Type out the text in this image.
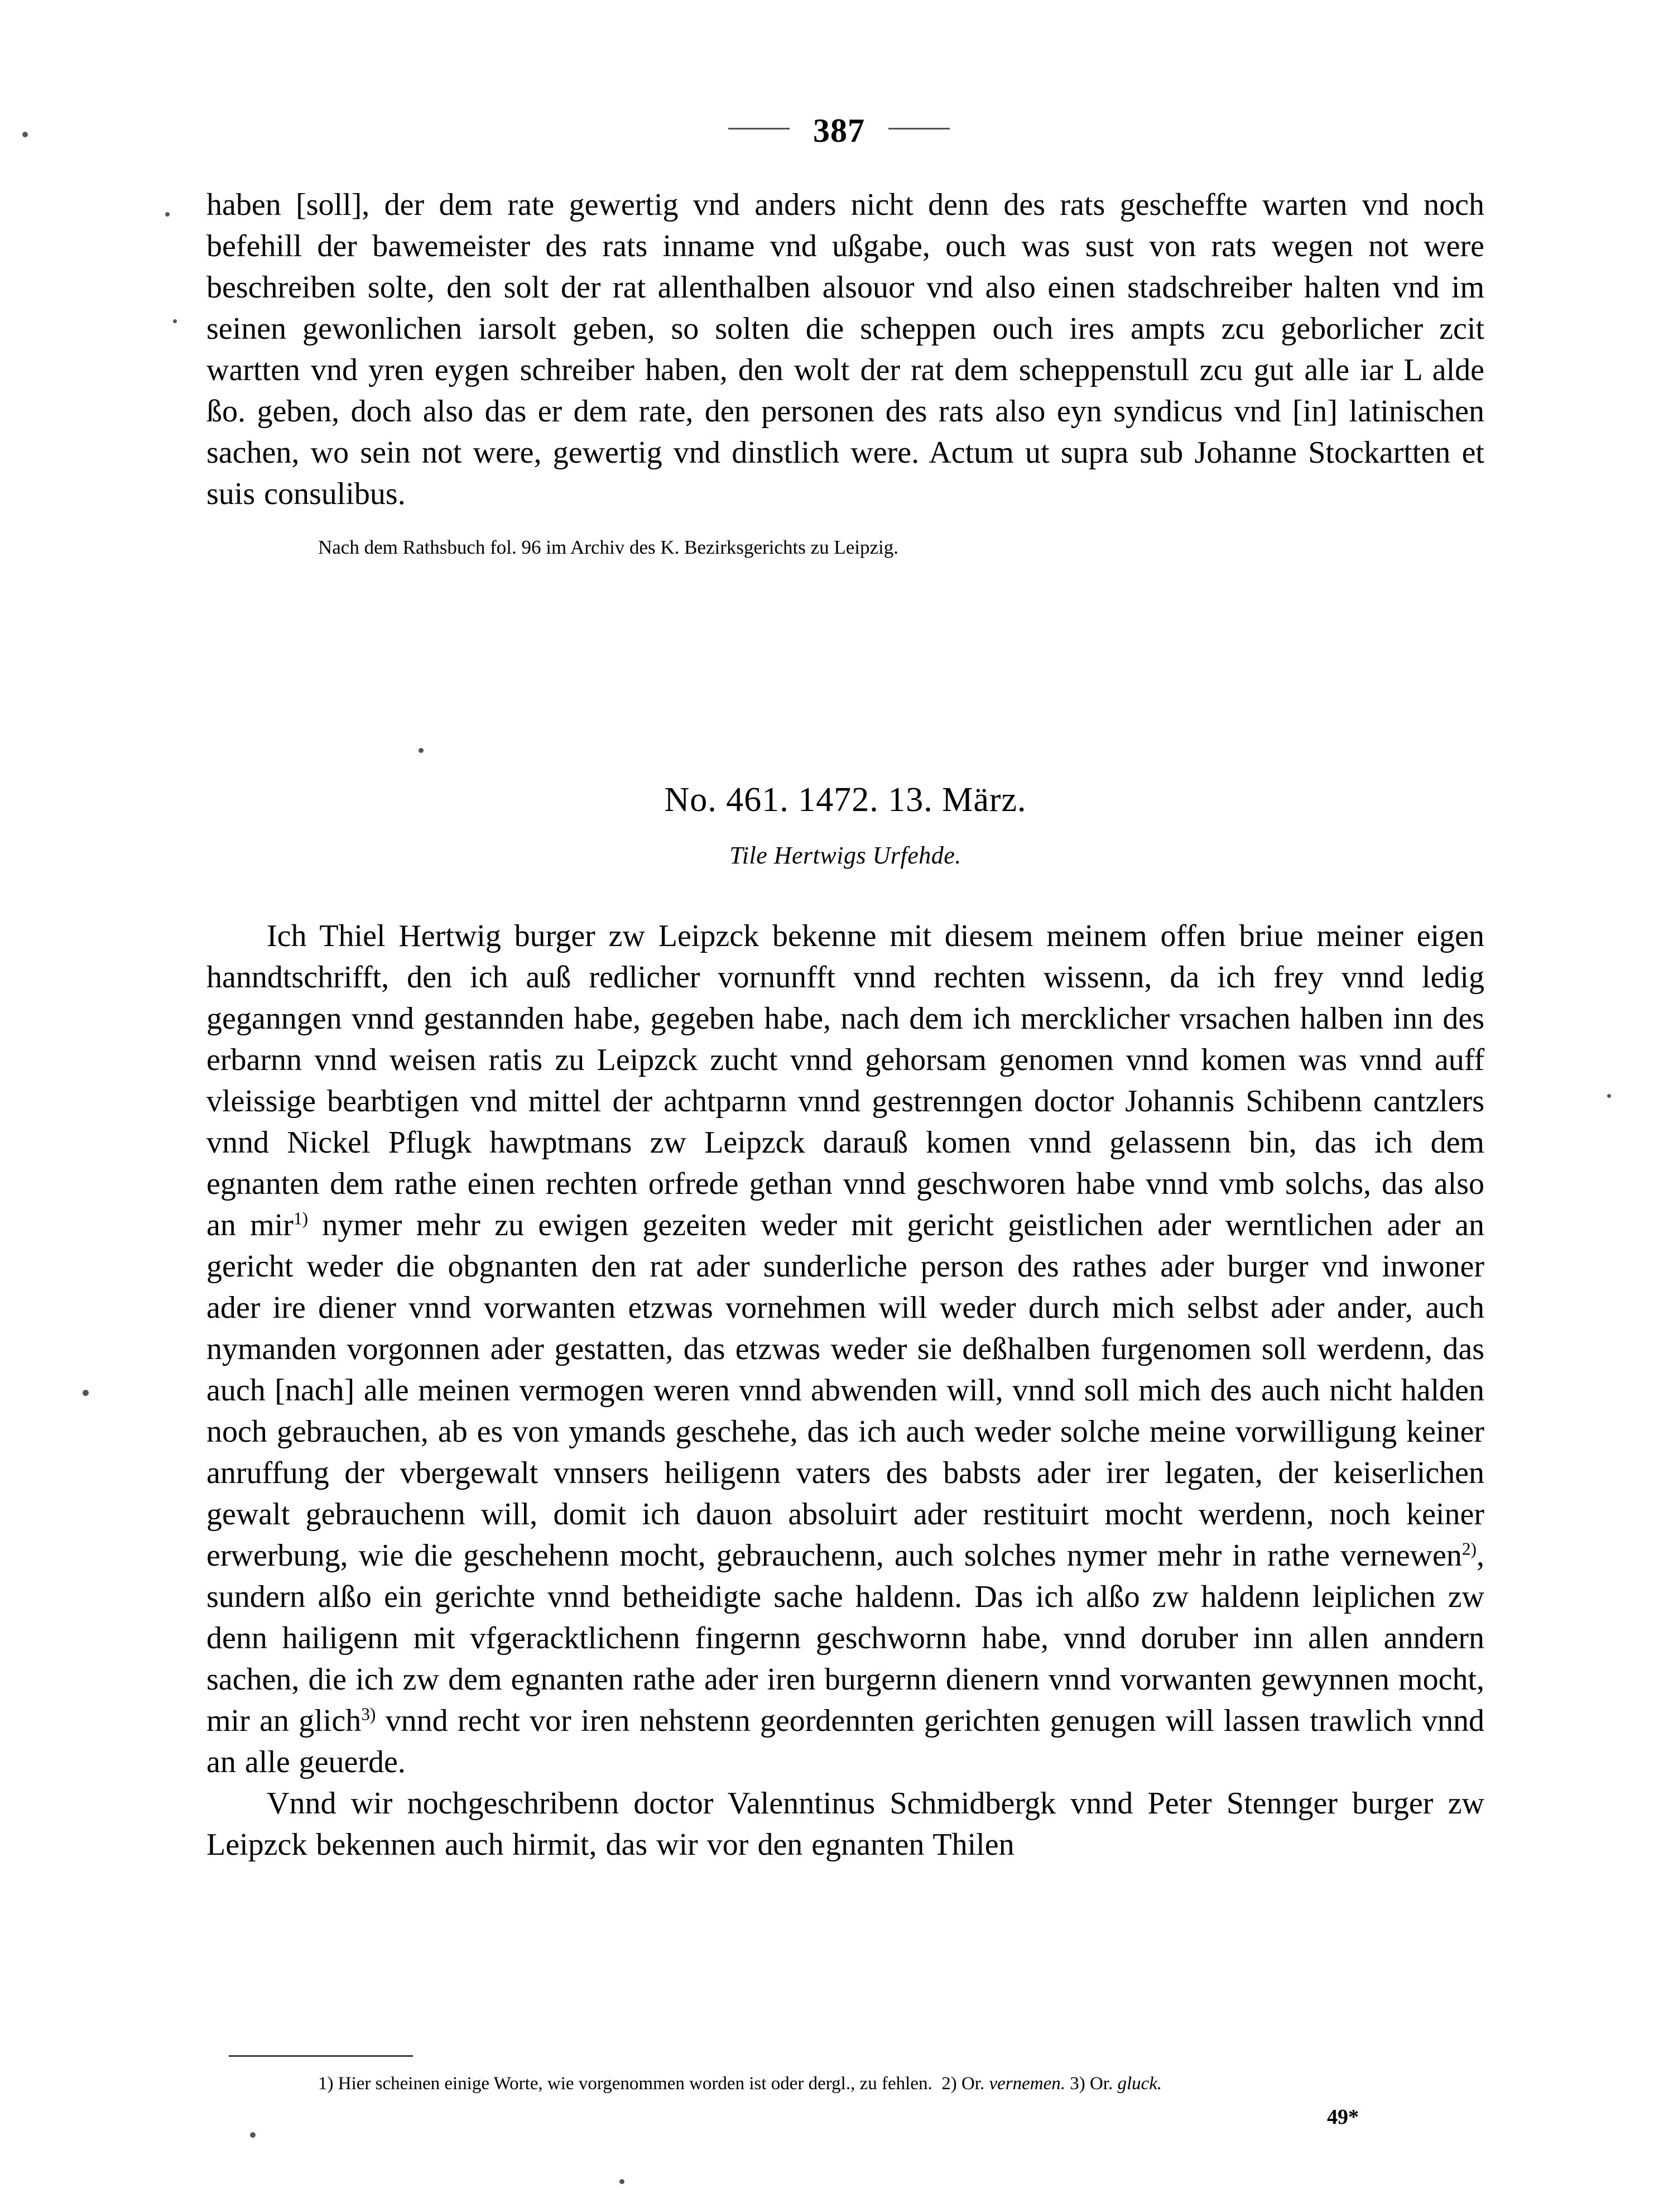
387

haben [soll], der dem rate gewertig vnd anders nicht denn des rats gescheffte warten vnd noch befehill der bawemeister des rats inname vnd ußgabe, ouch was sust von rats wegen not were beschreiben solte, den solt der rat allenthalben alsouor vnd also einen stadschreiber halten vnd im seinen gewonlichen iarsolt geben, so solten die scheppen ouch ires ampts zcu geborlicher zcit wartten vnd yren eygen schreiber haben, den wolt der rat dem scheppenstull zcu gut alle iar L alde ßo. geben, doch also das er dem rate, den personen des rats also eyn syndicus vnd [in] latinischen sachen, wo sein not were, gewertig vnd dinstlich were. Actum ut supra sub Johanne Stockartten et suis consulibus.

Nach dem Rathsbuch fol. 96 im Archiv des K. Bezirksgerichts zu Leipzig.

No. 461. 1472. 13. März.

Tile Hertwigs Urfehde.

Ich Thiel Hertwig burger zw Leipzck bekenne mit diesem meinem offen briue meiner eigen hanndtschrifft, den ich auß redlicher vornunfft vnnd rechten wissenn, da ich frey vnnd ledig geganngen vnnd gestannden habe, gegeben habe, nach dem ich mercklicher vrsachen halben inn des erbarnn vnnd weisen ratis zu Leipzck zucht vnnd gehorsam genomen vnnd komen was vnnd auff vleissige bearbtigen vnd mittel der achtparnn vnnd gestrenngen doctor Johannis Schibenn cantzlers vnnd Nickel Pflugk hawptmans zw Leipzck darauß komen vnnd gelassenn bin, das ich dem egnanten dem rathe einen rechten orfrede gethan vnnd geschworen habe vnnd vmb solchs, das also an mir$^{1)}$ nymer mehr zu ewigen gezeiten weder mit gericht geistlichen ader werntlichen ader an gericht weder die obgnanten den rat ader sunderliche person des rathes ader burger vnd inwoner ader ire diener vnnd vorwanten etzwas vornehmen will weder durch mich selbst ader ander, auch nymanden vorgonnen ader gestatten, das etzwas weder sie deßhalben furgenomen soll werdenn, das auch [nach] alle meinen vermogen weren vnnd abwenden will, vnnd soll mich des auch nicht halden noch gebrauchen, ab es von ymands geschehe, das ich auch weder solche meine vorwilligung keiner anruffung der vbergewalt vnnsers heiligenn vaters des babsts ader irer legaten, der keiserlichen gewalt gebrauchenn will, domit ich dauon absoluirt ader restituirt mocht werdenn, noch keiner erwerbung, wie die geschehenn mocht, gebrauchenn, auch solches nymer mehr in rathe vernewen$^{2)}$, sundern alßo ein gerichte vnnd betheidigte sache haldenn. Das ich alßo zw haldenn leiplichen zw denn hailigenn mit vfgeracktlichenn fingernn geschwornn habe, vnnd doruber inn allen anndern sachen, die ich zw dem egnanten rathe ader iren burgernn dienern vnnd vorwanten gewynnen mocht, mir an glich$^{3)}$ vnnd recht vor iren nehstenn geordennten gerichten genugen will lassen trawlich vnnd an alle geuerde.

Vnnd wir nochgeschribenn doctor Valenntinus Schmidbergk vnnd Peter Stennger burger zw Leipzck bekennen auch hirmit, das wir vor den egnanten Thilen

1) Hier scheinen einige Worte, wie vorgenommen worden ist oder dergl., zu fehlen. 2) Or. vernemen. 3) Or. gluck.

49*
